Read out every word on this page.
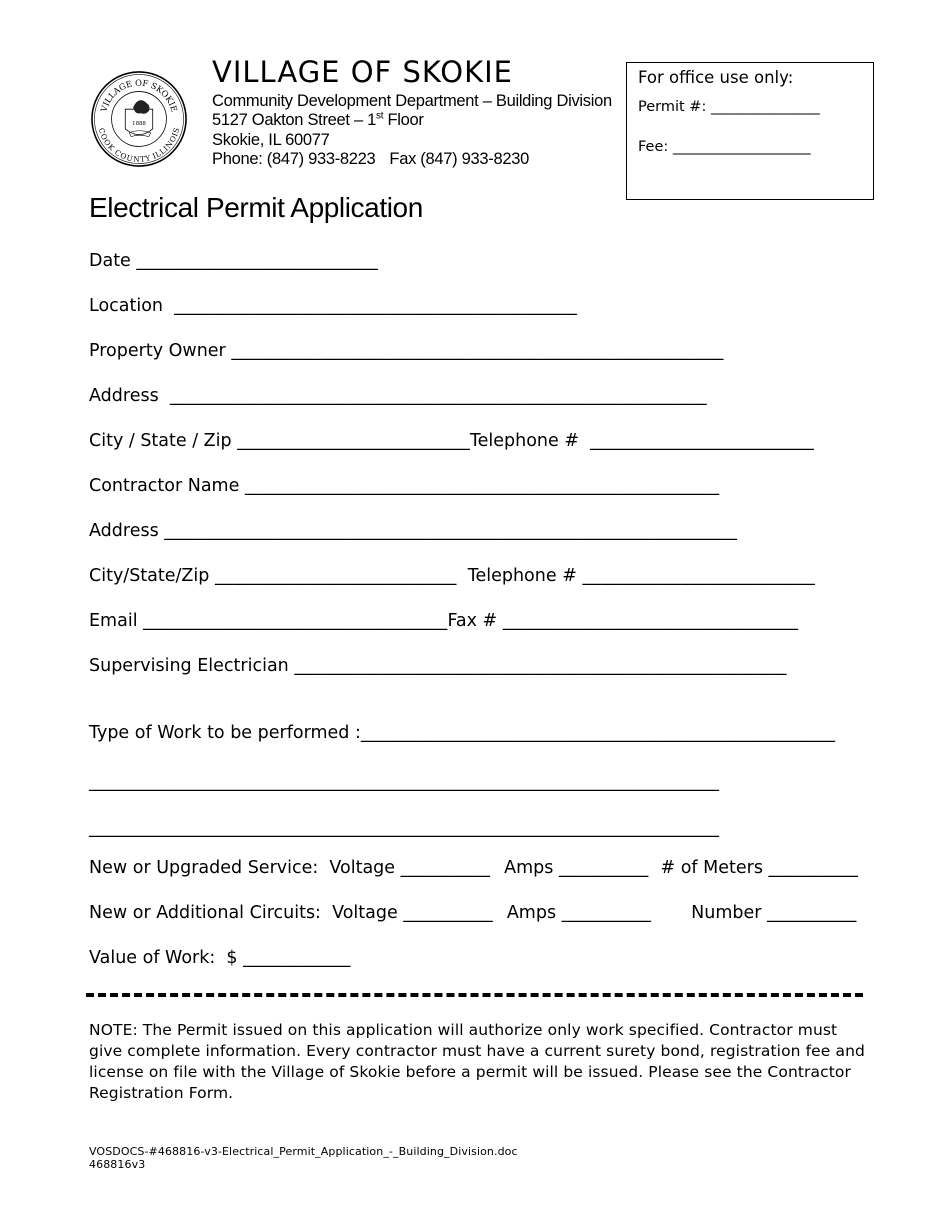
VILLAGE OF SKOKIE
COOK COUNTY ILLINOIS
1888
VILLAGE OF SKOKIE
Community Development Department – Building Division
5127 Oakton Street – 1st Floor
Skokie, IL 60077
Phone: (847) 933-8223 Fax (847) 933-8230
For office use only:
Permit #: _______________
Fee: ___________________
Electrical Permit Application
Date ___________________________
Location _____________________________________________
Property Owner _______________________________________________________
Address ____________________________________________________________
City / State / Zip __________________________Telephone # _________________________
Contractor Name _____________________________________________________
Address ________________________________________________________________
City/State/Zip ___________________________ Telephone # __________________________
Email __________________________________Fax # _________________________________
Supervising Electrician _______________________________________________________
Type of Work to be performed :_____________________________________________________
________________________________________________________________________
________________________________________________________________________
New or Upgraded Service: Voltage __________ Amps __________ # of Meters __________
New or Additional Circuits: Voltage __________ Amps __________ Number __________
Value of Work: $ ____________
NOTE: The Permit issued on this application will authorize only work specified. Contractor must give complete information. Every contractor must have a current surety bond, registration fee and license on file with the Village of Skokie before a permit will be issued. Please see the Contractor Registration Form.
VOSDOCS-#468816-v3-Electrical_Permit_Application_-_Building_Division.doc
468816v3
